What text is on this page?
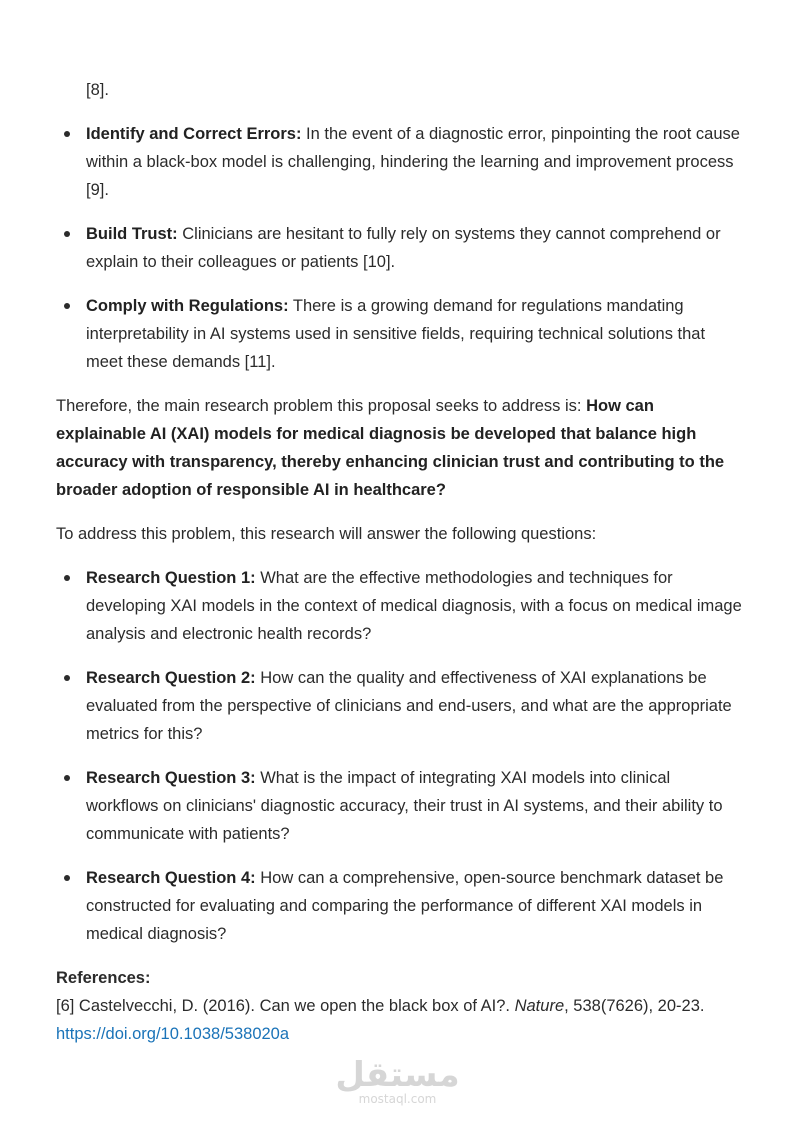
[8].

Identify and Correct Errors: In the event of a diagnostic error, pinpointing the root cause within a black-box model is challenging, hindering the learning and improvement process [9].
Build Trust: Clinicians are hesitant to fully rely on systems they cannot comprehend or explain to their colleagues or patients [10].
Comply with Regulations: There is a growing demand for regulations mandating interpretability in AI systems used in sensitive fields, requiring technical solutions that meet these demands [11].

Therefore, the main research problem this proposal seeks to address is: How can explainable AI (XAI) models for medical diagnosis be developed that balance high accuracy with transparency, thereby enhancing clinician trust and contributing to the broader adoption of responsible AI in healthcare?

To address this problem, this research will answer the following questions:

Research Question 1: What are the effective methodologies and techniques for developing XAI models in the context of medical diagnosis, with a focus on medical image analysis and electronic health records?
Research Question 2: How can the quality and effectiveness of XAI explanations be evaluated from the perspective of clinicians and end-users, and what are the appropriate metrics for this?
Research Question 3: What is the impact of integrating XAI models into clinical workflows on clinicians' diagnostic accuracy, their trust in AI systems, and their ability to communicate with patients?
Research Question 4: How can a comprehensive, open-source benchmark dataset be constructed for evaluating and comparing the performance of different XAI models in medical diagnosis?

References:

[6] Castelvecchi, D. (2016). Can we open the black box of AI?. Nature, 538(7626), 20-23.
https://doi.org/10.1038/538020a

مستقل
mostaql.com
